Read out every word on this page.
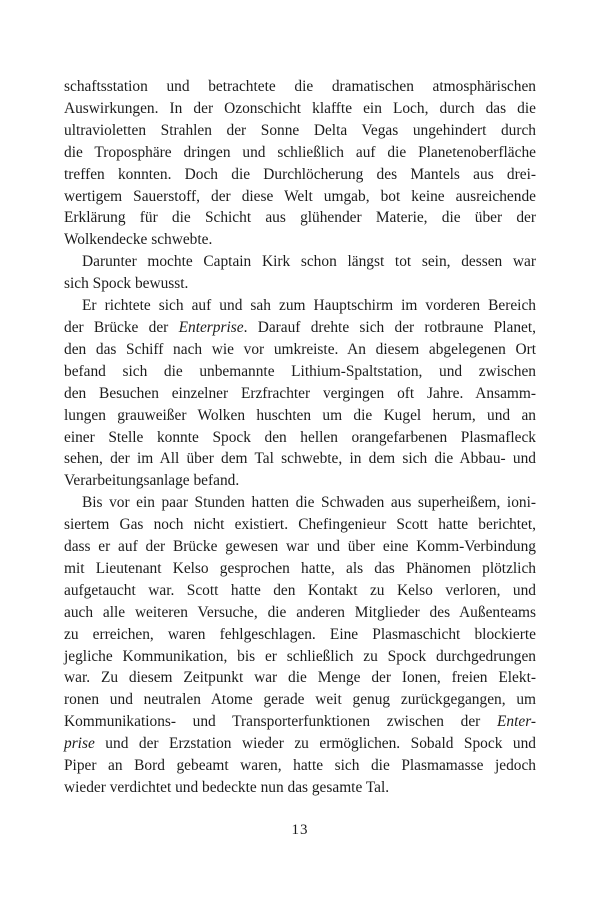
schaftsstation und betrachtete die dramatischen atmosphärischen
Auswirkungen. In der Ozonschicht klaffte ein Loch, durch das die
ultravioletten Strahlen der Sonne Delta Vegas ungehindert durch
die Troposphäre dringen und schließlich auf die Planetenoberfläche
treffen konnten. Doch die Durchlöcherung des Mantels aus drei-
wertigem Sauerstoff, der diese Welt umgab, bot keine ausreichende
Erklärung für die Schicht aus glühender Materie, die über der
Wolkendecke schwebte.
Darunter mochte Captain Kirk schon längst tot sein, dessen war
sich Spock bewusst.
Er richtete sich auf und sah zum Hauptschirm im vorderen Bereich
der Brücke der Enterprise. Darauf drehte sich der rotbraune Planet,
den das Schiff nach wie vor umkreiste. An diesem abgelegenen Ort
befand sich die unbemannte Lithium-Spaltstation, und zwischen
den Besuchen einzelner Erzfrachter vergingen oft Jahre. Ansamm-
lungen grauweißer Wolken huschten um die Kugel herum, und an
einer Stelle konnte Spock den hellen orangefarbenen Plasmafleck
sehen, der im All über dem Tal schwebte, in dem sich die Abbau- und
Verarbeitungsanlage befand.
Bis vor ein paar Stunden hatten die Schwaden aus superheißem, ioni-
siertem Gas noch nicht existiert. Chefingenieur Scott hatte berichtet,
dass er auf der Brücke gewesen war und über eine Komm-Verbindung
mit Lieutenant Kelso gesprochen hatte, als das Phänomen plötzlich
aufgetaucht war. Scott hatte den Kontakt zu Kelso verloren, und
auch alle weiteren Versuche, die anderen Mitglieder des Außenteams
zu erreichen, waren fehlgeschlagen. Eine Plasmaschicht blockierte
jegliche Kommunikation, bis er schließlich zu Spock durchgedrungen
war. Zu diesem Zeitpunkt war die Menge der Ionen, freien Elekt-
ronen und neutralen Atome gerade weit genug zurückgegangen, um
Kommunikations- und Transporterfunktionen zwischen der Enter-
prise und der Erzstation wieder zu ermöglichen. Sobald Spock und
Piper an Bord gebeamt waren, hatte sich die Plasmamasse jedoch
wieder verdichtet und bedeckte nun das gesamte Tal.
13
